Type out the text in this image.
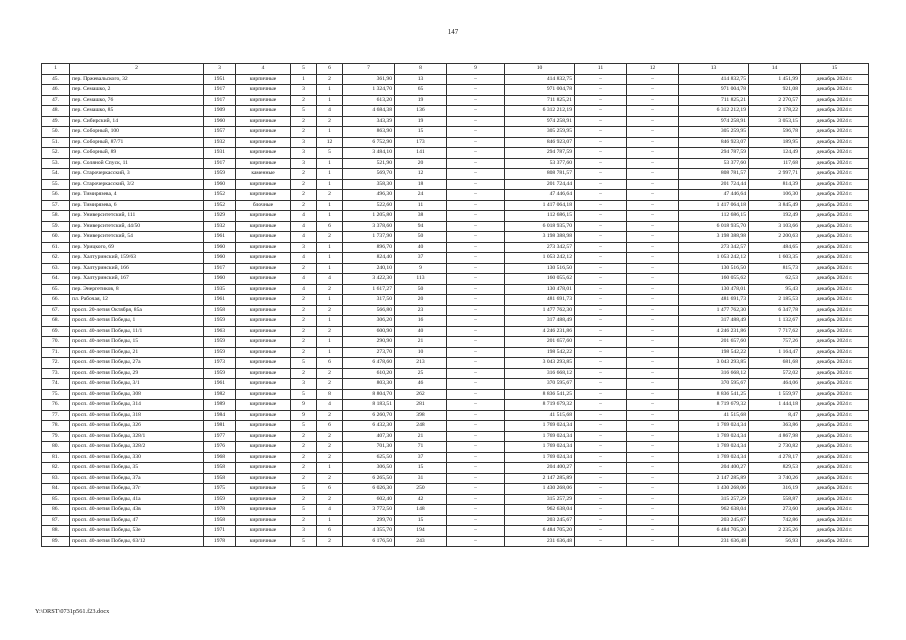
147
1	2	3	4	5	6	7	8	9	10	11	12	13	14	15
45.	пер. Пржевальского, 32	1951	кирпичные	1	2	361,90	13	–	414 832,75	–	–	414 832,75	1 451,99	декабрь 2024 г.
46.	пер. Семашко, 2	1917	кирпичные	3	1	1 324,70	65	–	971 004,78	–	–	971 004,78	921,08	декабрь 2024 г.
47.	пер. Семашко, 76	1917	кирпичные	2	1	613,20	19	–	711 825,21	–	–	711 825,21	2 270,57	декабрь 2024 г.
48.	пер. Семашко, 85	1909	кирпичные	5	4	4 684,38	136	–	6 312 212,19	–	–	6 312 212,19	2 178,22	декабрь 2024 г.
49.	пер. Сибирский, 14	1960	кирпичные	2	2	343,39	19	–	974 258,91	–	–	974 258,91	3 053,15	декабрь 2024 г.
50.	пер. Соборный, 100	1957	кирпичные	2	1	863,90	15	–	305 259,95	–	–	305 259,95	596,78	декабрь 2024 г.
51.	пер. Соборный, 87/71	1932	кирпичные	3	12	6 752,90	173	–	846 923,07	–	–	846 923,07	189,95	декабрь 2024 г.
52.	пер. Соборный, 89	1931	кирпичные	3	5	3 484,10	141	–	294 787,59	–	–	294 787,59	124,49	декабрь 2024 г.
53.	пер. Соляной Спуск, 11	1917	кирпичные	3	1	521,90	20	–	53 377,60	–	–	53 377,60	117,68	декабрь 2024 г.
54.	пер. Старочеркасский, 3	1959	каменные	2	1	569,70	12	–	808 781,57	–	–	808 781,57	2 997,71	декабрь 2024 г.
55.	пер. Старочеркасский, 3/2	1960	кирпичные	2	1	358,30	18	–	201 724,44	–	–	201 724,44	814,39	декабрь 2024 г.
56.	пер. Тимирязева, 4	1952	кирпичные	2	2	496,30	24	–	47 446,64	–	–	47 446,64	106,30	декабрь 2024 г.
57.	пер. Тимирязева, 6	1952	блочные	2	1	522,60	11	–	1 417 064,18	–	–	1 417 064,18	3 845,49	декабрь 2024 г.
58.	пер. Университетский, 111	1929	кирпичные	4	1	1 205,80	38	–	112 686,15	–	–	112 686,15	192,49	декабрь 2024 г.
59.	пер. Университетский, 44/50	1932	кирпичные	4	6	3 378,60	94	–	6 018 935,70	–	–	6 018 935,70	3 103,66	декабрь 2024 г.
60.	пер. Университетский, 54	1961	кирпичные	4	2	1 737,90	50	–	3 198 388,98	–	–	3 198 388,98	2 200,63	декабрь 2024 г.
61.	пер. Урицкого, 69	1960	кирпичные	3	1	896,70	40	–	273 342,57	–	–	273 342,57	484,65	декабрь 2024 г.
62.	пер. Халтуринский, 159/63	1960	кирпичные	4	1	824,40	37	–	1 053 242,12	–	–	1 053 242,12	1 603,35	декабрь 2024 г.
63.	пер. Халтуринский, 166	1917	кирпичные	2	1	240,10	9	–	130 516,50	–	–	130 516,50	815,73	декабрь 2024 г.
64.	пер. Халтуринский, 167	1960	кирпичные	4	4	3 422,30	113	–	160 055,62	–	–	160 055,62	62,53	декабрь 2024 г.
65.	пер. Энергетиков, 8	1935	кирпичные	4	2	1 617,27	50	–	130 478,01	–	–	130 478,01	95,43	декабрь 2024 г.
66.	пл. Рабочая, 12	1961	кирпичные	2	1	317,50	20	–	481 691,73	–	–	481 691,73	2 185,53	декабрь 2024 г.
67.	просп. 20-летия Октября, 85а	1958	кирпичные	2	2	566,80	23	–	1 477 762,30	–	–	1 477 762,30	6 347,78	декабрь 2024 г.
68.	просп. 40-летия Победы, 1	1959	кирпичные	2	1	306,20	16	–	317 488,49	–	–	317 488,49	1 132,67	декабрь 2024 г.
69.	просп. 40-летия Победы, 11/1	1963	кирпичные	2	2	600,90	40	–	4 246 231,86	–	–	4 246 231,86	7 717,62	декабрь 2024 г.
70.	просп. 40-летия Победы, 15	1959	кирпичные	2	1	290,90	21	–	201 657,60	–	–	201 657,60	757,26	декабрь 2024 г.
71.	просп. 40-летия Победы, 21	1959	кирпичные	2	1	273,70	10	–	198 542,22	–	–	198 542,22	1 164,47	декабрь 2024 г.
72.	просп. 40-летия Победы, 27а	1973	кирпичные	5	6	6 478,60	213	–	3 043 293,85	–	–	3 043 293,85	681,68	декабрь 2024 г.
73.	просп. 40-летия Победы, 29	1959	кирпичные	2	2	610,20	25	–	316 668,12	–	–	316 668,12	572,02	декабрь 2024 г.
74.	просп. 40-летия Победы, 3/1	1961	кирпичные	3	2	803,30	46	–	370 595,67	–	–	370 595,67	464,06	декабрь 2024 г.
75.	просп. 40-летия Победы, 308	1982	кирпичные	5	8	8 804,70	262	–	8 836 541,25	–	–	8 836 541,25	1 559,97	декабрь 2024 г.
76.	просп. 40-летия Победы, 314	1989	кирпичные	9	4	8 183,51	281	–	8 719 679,32	–	–	8 719 679,32	1 444,18	декабрь 2024 г.
77.	просп. 40-летия Победы, 318	1984	кирпичные	9	2	6 260,70	398	–	41 515,68	–	–	41 515,68	8,47	декабрь 2024 г.
78.	просп. 40-летия Победы, 326	1981	кирпичные	5	6	6 432,30	248	–	1 769 024,34	–	–	1 769 024,34	363,86	декабрь 2024 г.
79.	просп. 40-летия Победы, 328/1	1977	кирпичные	2	2	407,30	21	–	1 769 024,34	–	–	1 769 024,34	4 867,98	декабрь 2024 г.
80.	просп. 40-летия Победы, 328/2	1976	кирпичные	2	2	701,30	71	–	1 769 024,34	–	–	1 769 024,34	2 730,82	декабрь 2024 г.
81.	просп. 40-летия Победы, 330	1968	кирпичные	2	2	625,50	37	–	1 769 024,34	–	–	1 769 024,34	4 278,17	декабрь 2024 г.
82.	просп. 40-летия Победы, 35	1958	кирпичные	2	1	306,50	15	–	204 400,27	–	–	204 400,27	829,53	декабрь 2024 г.
83.	просп. 40-летия Победы, 37а	1958	кирпичные	2	2	6 265,50	31	–	2 147 285,89	–	–	2 147 285,89	3 740,26	декабрь 2024 г.
84.	просп. 40-летия Победы, 37г	1975	кирпичные	5	6	6 026,30	250	–	1 430 268,06	–	–	1 430 268,06	316,19	декабрь 2024 г.
85.	просп. 40-летия Победы, 41а	1959	кирпичные	2	2	602,40	42	–	315 257,29	–	–	315 257,29	558,87	декабрь 2024 г.
86.	просп. 40-летия Победы, 43в	1978	кирпичные	5	4	3 772,50	148	–	962 638,04	–	–	962 638,04	273,60	декабрь 2024 г.
87.	просп. 40-летия Победы, 47	1958	кирпичные	2	1	299,70	15	–	203 245,67	–	–	203 245,67	742,86	декабрь 2024 г.
88.	просп. 40-летия Победы, 53е	1971	кирпичные	3	6	4 355,70	194	–	6 484 705,20	–	–	6 484 705,20	2 235,26	декабрь 2024 г.
89.	просп. 40-летия Победы, 63/12	1978	кирпичные	5	2	6 176,50	243	–	231 636,48	–	–	231 636,48	56,93	декабрь 2024 г.
Y:\ORST\0731p561.f23.docx
